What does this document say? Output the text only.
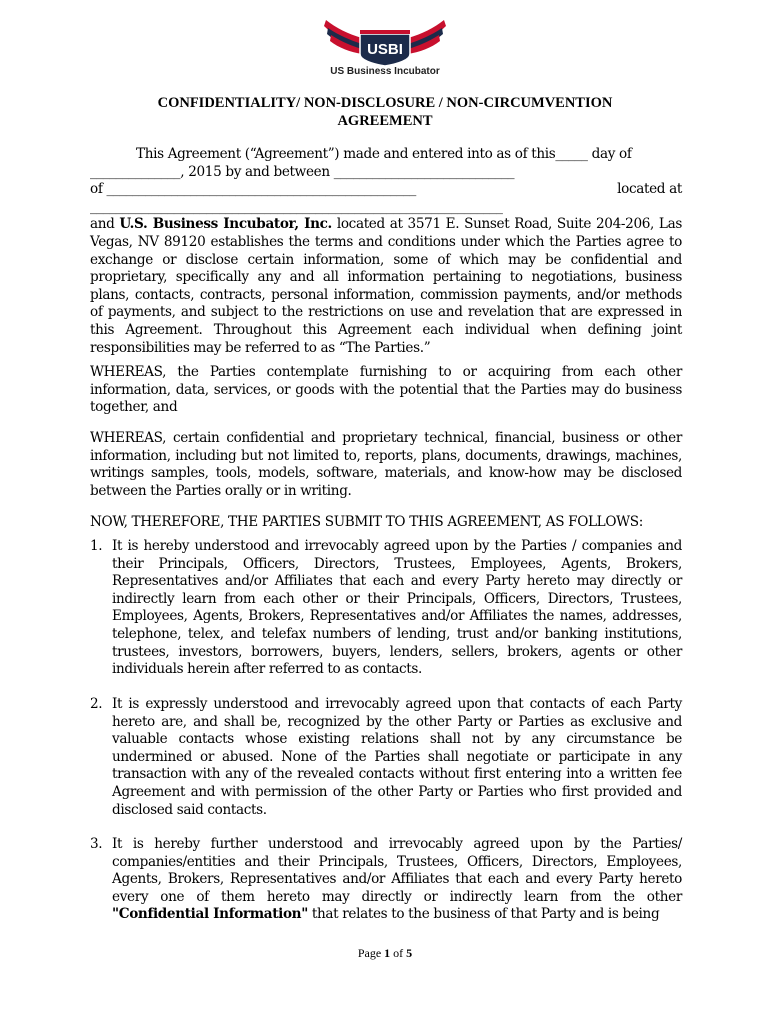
USBI
US Business Incubator
CONFIDENTIALITY/ NON-DISCLOSURE / NON-CIRCUMVENTION
AGREEMENT
This Agreement (“Agreement”) made and entered into as of this_____ day of
______________, 2015 by and between ____________________________
of ________________________________________________	located at
________________________________________________________________

and U.S. Business Incubator, Inc. located at 3571 E. Sunset Road, Suite 204-206, Las Vegas, NV 89120 establishes the terms and conditions under which the Parties agree to exchange or disclose certain information, some of which may be confidential and proprietary, specifically any and all information pertaining to negotiations, business plans, contacts, contracts, personal information, commission payments, and/or methods of payments, and subject to the restrictions on use and revelation that are expressed in this Agreement. Throughout this Agreement each individual when defining joint responsibilities may be referred to as “The Parties.”

WHEREAS, the Parties contemplate furnishing to or acquiring from each other information, data, services, or goods with the potential that the Parties may do business together, and

WHEREAS, certain confidential and proprietary technical, financial, business or other information, including but not limited to, reports, plans, documents, drawings, machines, writings samples, tools, models, software, materials, and know-how may be disclosed between the Parties orally or in writing.

NOW, THEREFORE, THE PARTIES SUBMIT TO THIS AGREEMENT, AS FOLLOWS:

1. It is hereby understood and irrevocably agreed upon by the Parties / companies and their Principals, Officers, Directors, Trustees, Employees, Agents, Brokers, Representatives and/or Affiliates that each and every Party hereto may directly or indirectly learn from each other or their Principals, Officers, Directors, Trustees, Employees, Agents, Brokers, Representatives and/or Affiliates the names, addresses, telephone, telex, and telefax numbers of lending, trust and/or banking institutions, trustees, investors, borrowers, buyers, lenders, sellers, brokers, agents or other individuals herein after referred to as contacts.
2. It is expressly understood and irrevocably agreed upon that contacts of each Party hereto are, and shall be, recognized by the other Party or Parties as exclusive and valuable contacts whose existing relations shall not by any circumstance be undermined or abused. None of the Parties shall negotiate or participate in any transaction with any of the revealed contacts without first entering into a written fee Agreement and with permission of the other Party or Parties who first provided and disclosed said contacts.
3. It is hereby further understood and irrevocably agreed upon by the Parties/ companies/entities and their Principals, Trustees, Officers, Directors, Employees, Agents, Brokers, Representatives and/or Affiliates that each and every Party hereto every one of them hereto may directly or indirectly learn from the other "Confidential Information" that relates to the business of that Party and is being
Page 1 of 5
